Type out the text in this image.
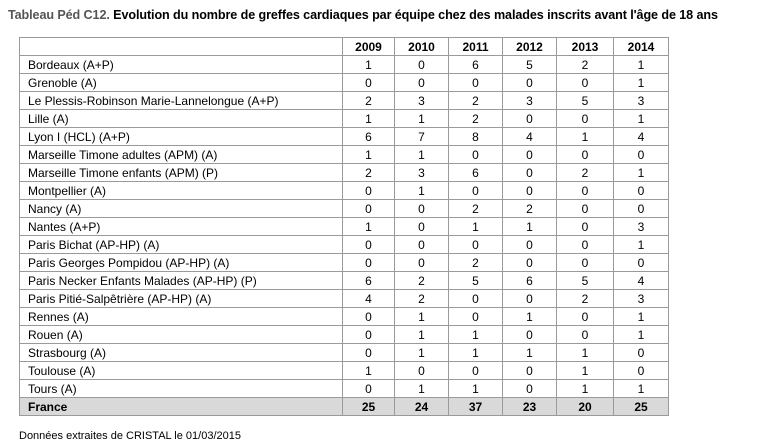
Tableau Péd C12. Evolution du nombre de greffes cardiaques par équipe chez des malades inscrits avant l'âge de 18 ans
	2009	2010	2011	2012	2013	2014
Bordeaux (A+P)	1	0	6	5	2	1
Grenoble (A)	0	0	0	0	0	1
Le Plessis-Robinson Marie-Lannelongue (A+P)	2	3	2	3	5	3
Lille (A)	1	1	2	0	0	1
Lyon I (HCL) (A+P)	6	7	8	4	1	4
Marseille Timone adultes (APM) (A)	1	1	0	0	0	0
Marseille Timone enfants (APM) (P)	2	3	6	0	2	1
Montpellier (A)	0	1	0	0	0	0
Nancy (A)	0	0	2	2	0	0
Nantes (A+P)	1	0	1	1	0	3
Paris Bichat (AP-HP) (A)	0	0	0	0	0	1
Paris Georges Pompidou (AP-HP) (A)	0	0	2	0	0	0
Paris Necker Enfants Malades (AP-HP) (P)	6	2	5	6	5	4
Paris Pitié-Salpêtrière (AP-HP) (A)	4	2	0	0	2	3
Rennes (A)	0	1	0	1	0	1
Rouen (A)	0	1	1	0	0	1
Strasbourg (A)	0	1	1	1	1	0
Toulouse (A)	1	0	0	0	1	0
Tours (A)	0	1	1	0	1	1
France	25	24	37	23	20	25
Données extraites de CRISTAL le 01/03/2015
